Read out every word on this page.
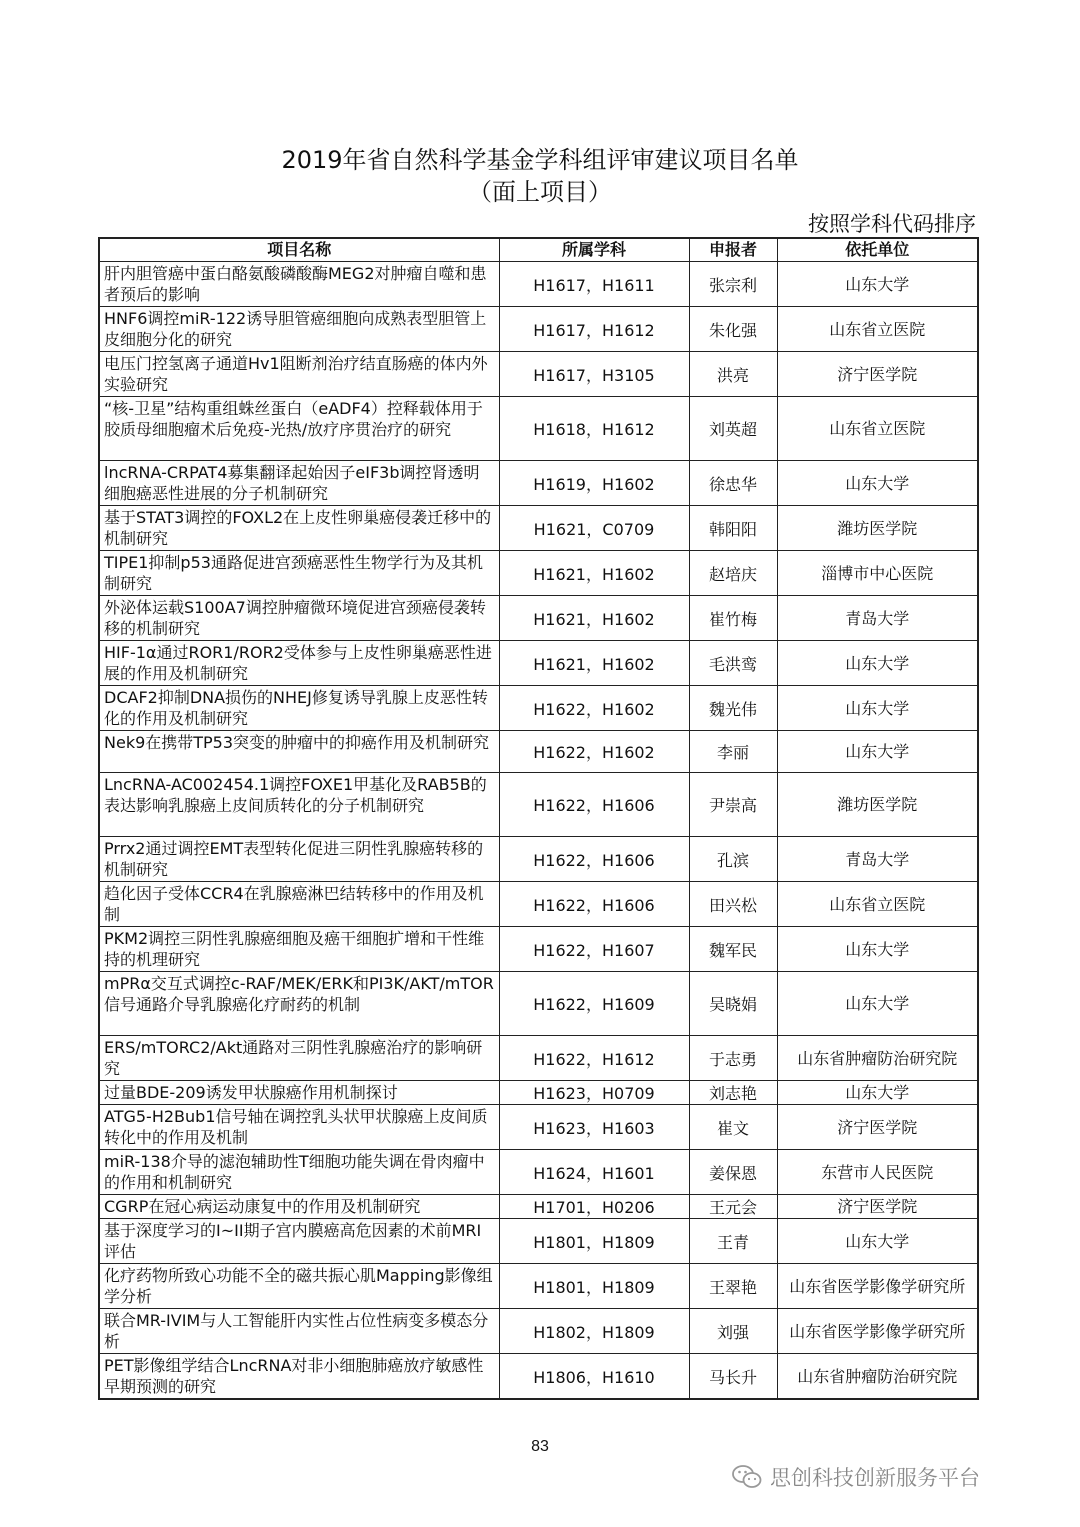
2019年省自然科学基金学科组评审建议项目名单
（面上项目）
按照学科代码排序
项目名称	所属学科	申报者	依托单位
肝内胆管癌中蛋白酪氨酸磷酸酶MEG2对肿瘤自噬和患者预后的影响	H1617，H1611	张宗利	山东大学
HNF6调控miR-122诱导胆管癌细胞向成熟表型胆管上皮细胞分化的研究	H1617，H1612	朱化强	山东省立医院
电压门控氢离子通道Hv1阻断剂治疗结直肠癌的体内外实验研究	H1617，H3105	洪亮	济宁医学院
“核-卫星”结构重组蛛丝蛋白（eADF4）控释载体用于胶质母细胞瘤术后免疫-光热/放疗序贯治疗的研究	H1618，H1612	刘英超	山东省立医院
lncRNA-CRPAT4募集翻译起始因子eIF3b调控肾透明细胞癌恶性进展的分子机制研究	H1619，H1602	徐忠华	山东大学
基于STAT3调控的FOXL2在上皮性卵巢癌侵袭迁移中的机制研究	H1621，C0709	韩阳阳	潍坊医学院
TIPE1抑制p53通路促进宫颈癌恶性生物学行为及其机制研究	H1621，H1602	赵培庆	淄博市中心医院
外泌体运载S100A7调控肿瘤微环境促进宫颈癌侵袭转移的机制研究	H1621，H1602	崔竹梅	青岛大学
HIF-1α通过ROR1/ROR2受体参与上皮性卵巢癌恶性进展的作用及机制研究	H1621，H1602	毛洪鸾	山东大学
DCAF2抑制DNA损伤的NHEJ修复诱导乳腺上皮恶性转化的作用及机制研究	H1622，H1602	魏光伟	山东大学
Nek9在携带TP53突变的肿瘤中的抑癌作用及机制研究	H1622，H1602	李丽	山东大学
LncRNA-AC002454.1调控FOXE1甲基化及RAB5B的表达影响乳腺癌上皮间质转化的分子机制研究	H1622，H1606	尹崇高	潍坊医学院
Prrx2通过调控EMT表型转化促进三阴性乳腺癌转移的机制研究	H1622，H1606	孔滨	青岛大学
趋化因子受体CCR4在乳腺癌淋巴结转移中的作用及机制	H1622，H1606	田兴松	山东省立医院
PKM2调控三阴性乳腺癌细胞及癌干细胞扩增和干性维 持的机理研究	H1622，H1607	魏军民	山东大学
mPRα交互式调控c-RAF/MEK/ERK和PI3K/AKT/mTOR信号通路介导乳腺癌化疗耐药的机制	H1622，H1609	吴晓娟	山东大学
ERS/mTORC2/Akt通路对三阴性乳腺癌治疗的影响研究	H1622，H1612	于志勇	山东省肿瘤防治研究院
过量BDE-209诱发甲状腺癌作用机制探讨	H1623，H0709	刘志艳	山东大学
ATG5-H2Bub1信号轴在调控乳头状甲状腺癌上皮间质转化中的作用及机制	H1623，H1603	崔文	济宁医学院
miR-138介导的滤泡辅助性T细胞功能失调在骨肉瘤中的作用和机制研究	H1624，H1601	姜保恩	东营市人民医院
CGRP在冠心病运动康复中的作用及机制研究	H1701，H0206	王元会	济宁医学院
基于深度学习的I~II期子宫内膜癌高危因素的术前MRI评估	H1801，H1809	王青	山东大学
化疗药物所致心功能不全的磁共振心肌Mapping影像组学分析	H1801，H1809	王翠艳	山东省医学影像学研究所
联合MR-IVIM与人工智能肝内实性占位性病变多模态分析	H1802，H1809	刘强	山东省医学影像学研究所
PET影像组学结合LncRNA对非小细胞肺癌放疗敏感性早期预测的研究	H1806，H1610	马长升	山东省肿瘤防治研究院
83
思创科技创新服务平台
